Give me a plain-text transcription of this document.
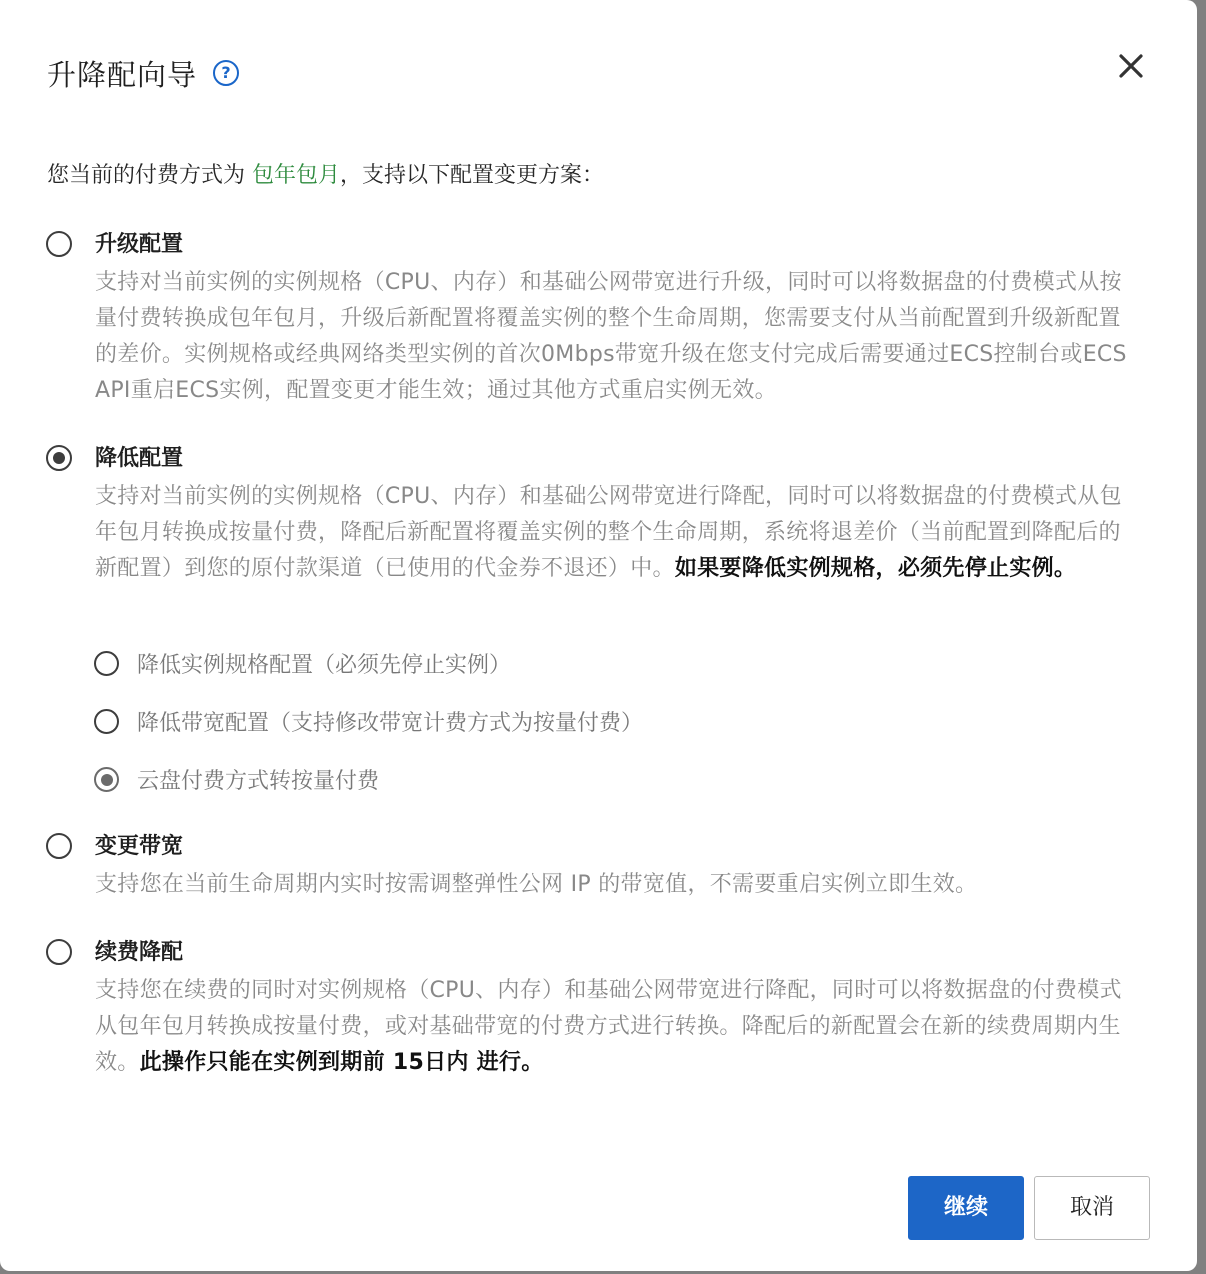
升降配向导	?
您当前的付费方式为 包年包月，支持以下配置变更方案：
升级配置
支持对当前实例的实例规格（CPU、内存）和基础公网带宽进行升级，同时可以将数据盘的付费模式从按量付费转换成包年包月，升级后新配置将覆盖实例的整个生命周期，您需要支付从当前配置到升级新配置的差价。实例规格或经典网络类型实例的首次0Mbps带宽升级在您支付完成后需要通过ECS控制台或ECS API重启ECS实例，配置变更才能生效；通过其他方式重启实例无效。
降低配置
支持对当前实例的实例规格（CPU、内存）和基础公网带宽进行降配，同时可以将数据盘的付费模式从包年包月转换成按量付费，降配后新配置将覆盖实例的整个生命周期，系统将退差价（当前配置到降配后的新配置）到您的原付款渠道（已使用的代金券不退还）中。如果要降低实例规格，必须先停止实例。
降低实例规格配置（必须先停止实例）
降低带宽配置（支持修改带宽计费方式为按量付费）
云盘付费方式转按量付费
变更带宽
支持您在当前生命周期内实时按需调整弹性公网 IP 的带宽值，不需要重启实例立即生效。
续费降配
支持您在续费的同时对实例规格（CPU、内存）和基础公网带宽进行降配，同时可以将数据盘的付费模式从包年包月转换成按量付费，或对基础带宽的付费方式进行转换。降配后的新配置会在新的续费周期内生效。此操作只能在实例到期前 15日内 进行。
继续	取消
